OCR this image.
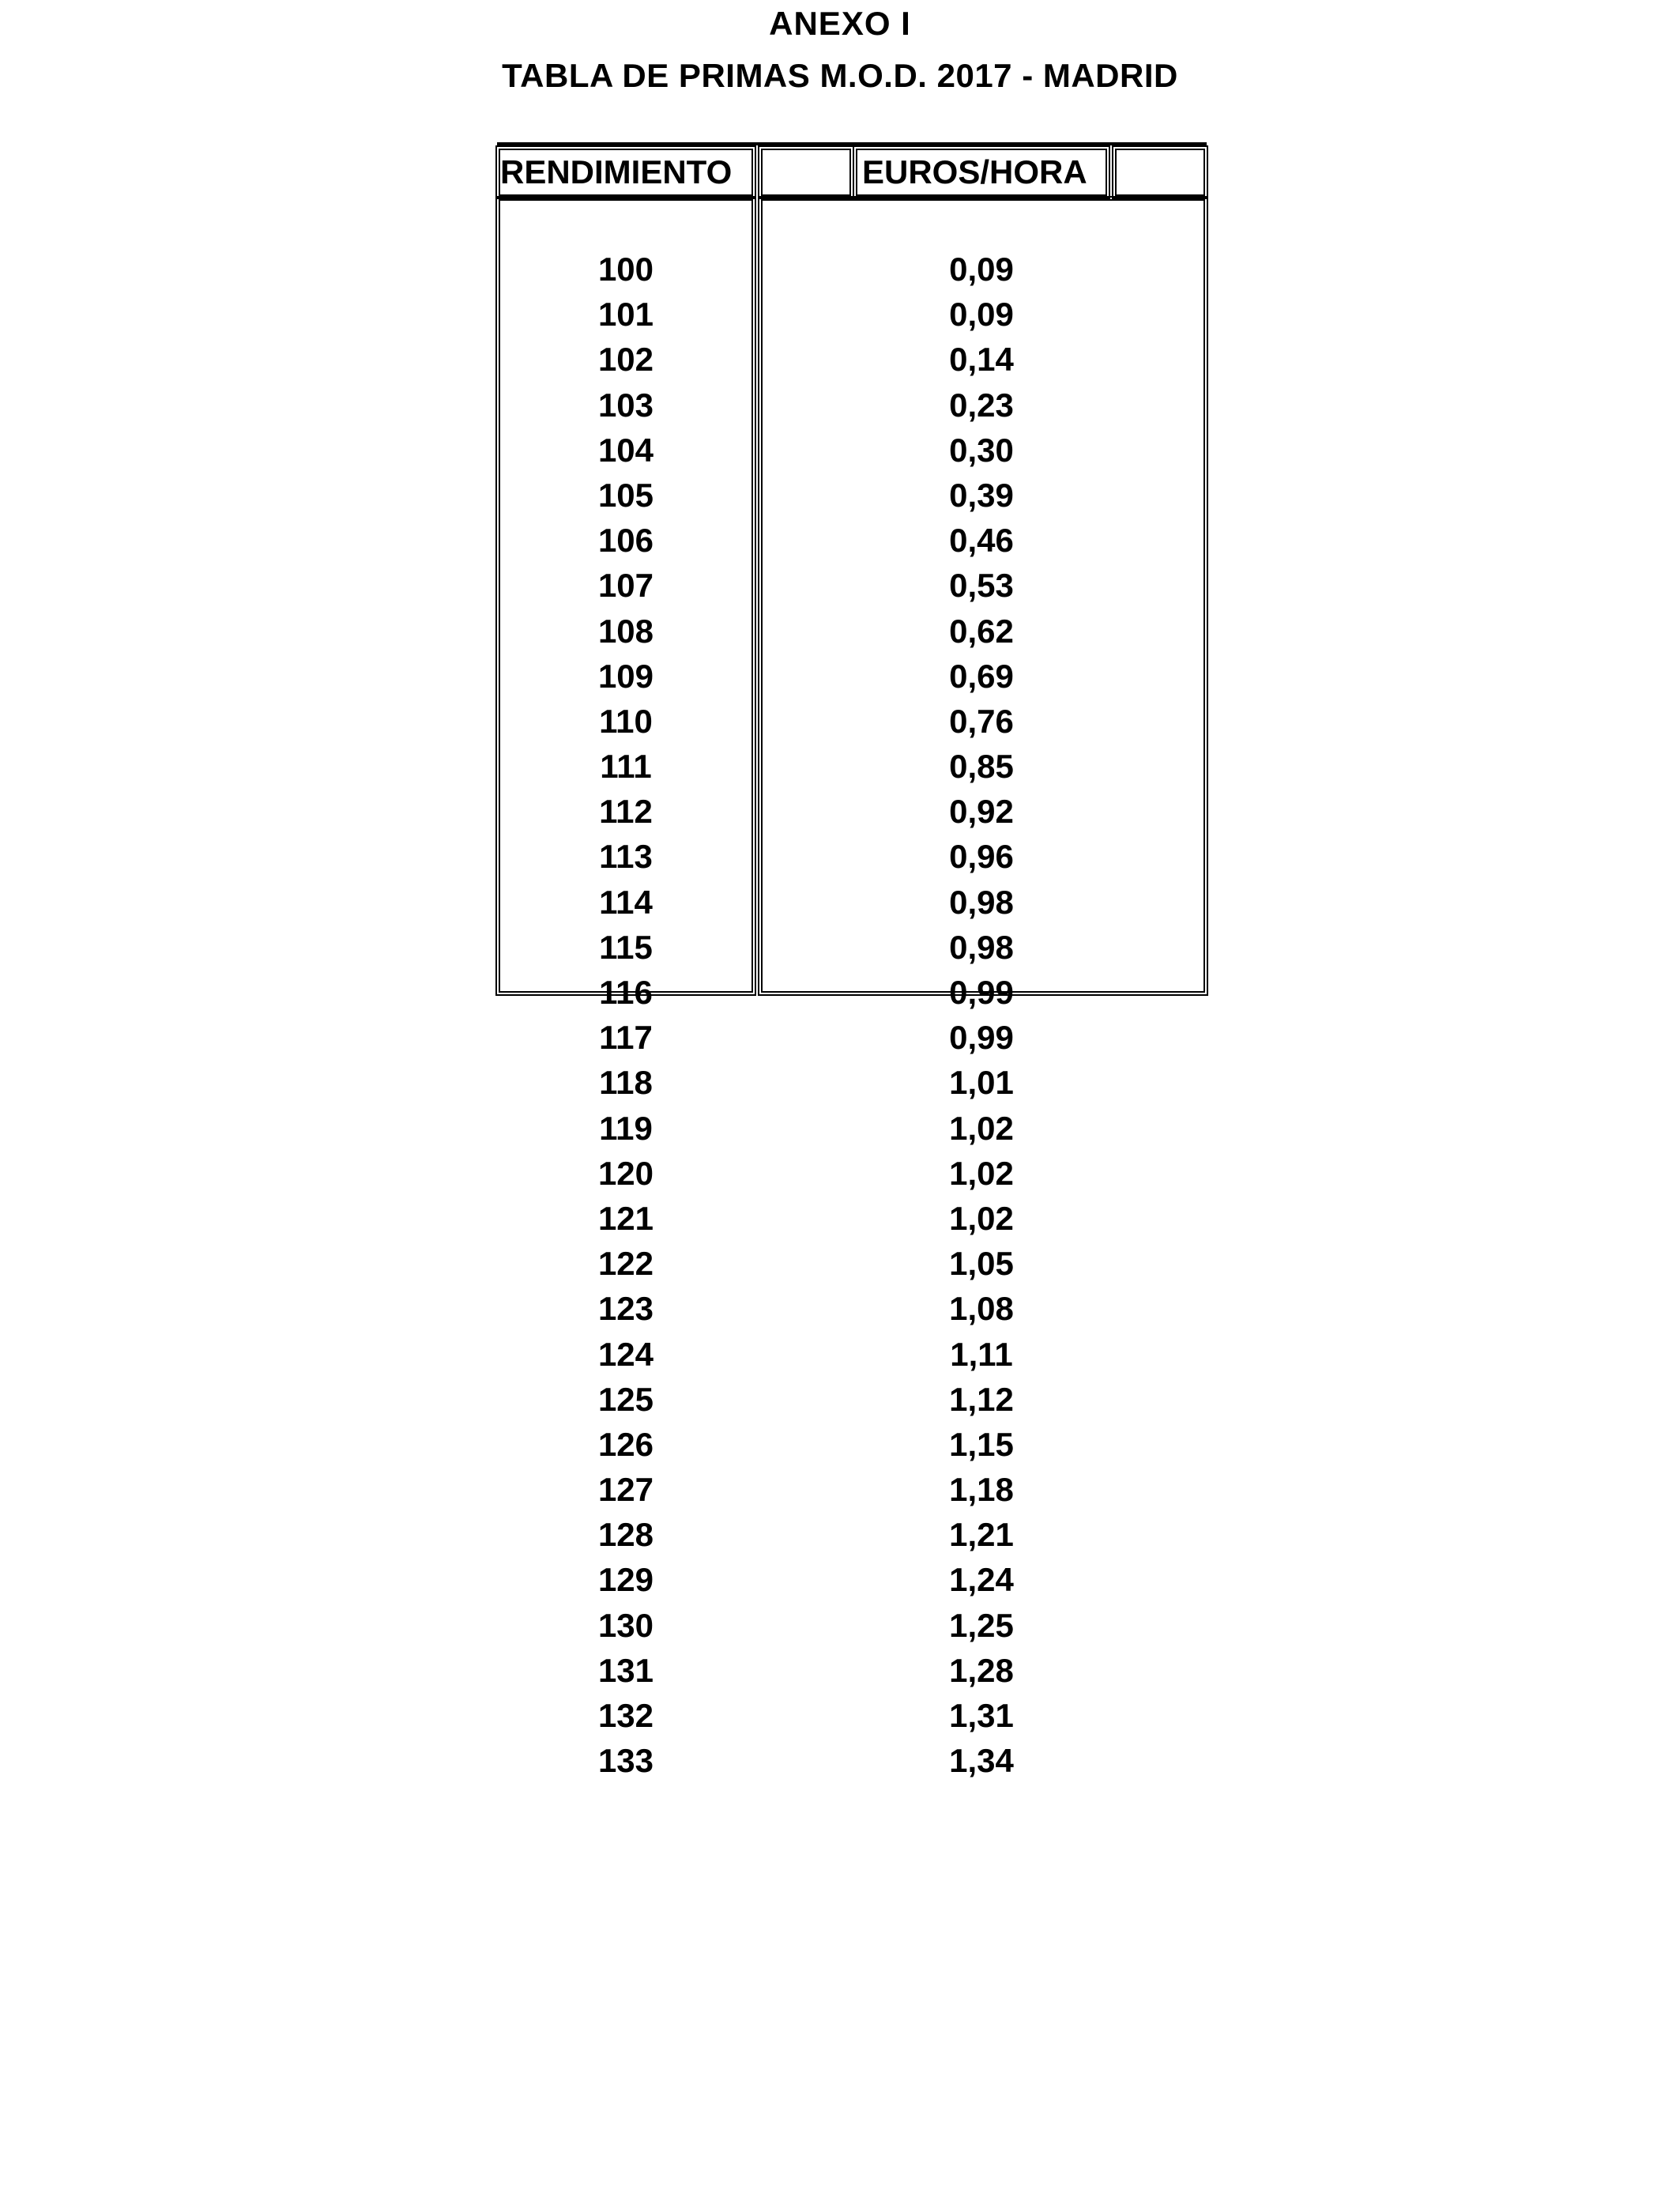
ANEXO I
TABLA DE PRIMAS M.O.D. 2017 - MADRID
RENDIMIENTO	EUROS/HORA
100
101
102
103
104
105
106
107
108
109
110
111
112
113
114
115
116
117
118
119
120
121
122
123
124
125
126
127
128
129
130
131
132
133
0,09
0,09
0,14
0,23
0,30
0,39
0,46
0,53
0,62
0,69
0,76
0,85
0,92
0,96
0,98
0,98
0,99
0,99
1,01
1,02
1,02
1,02
1,05
1,08
1,11
1,12
1,15
1,18
1,21
1,24
1,25
1,28
1,31
1,34
